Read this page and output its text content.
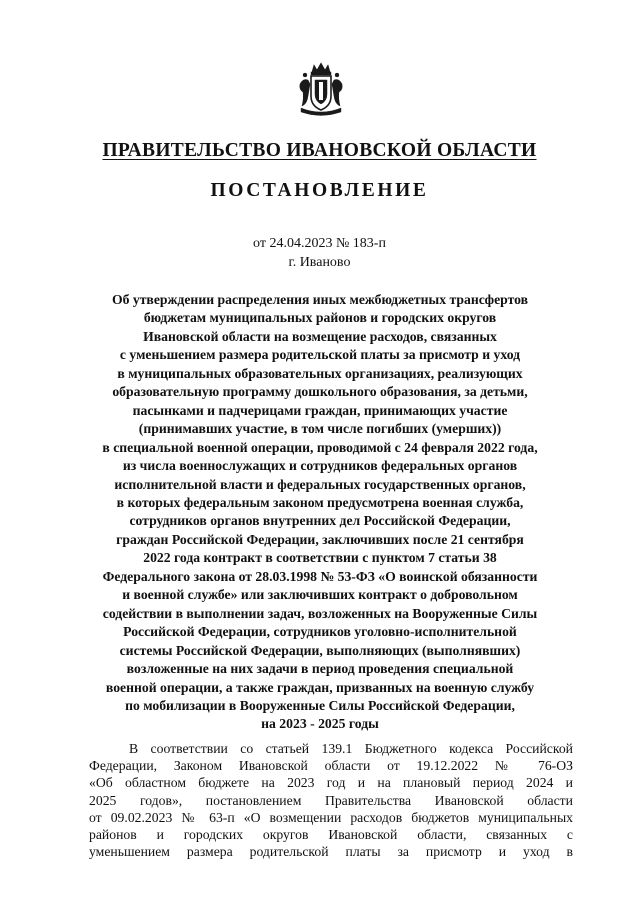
ПРАВИТЕЛЬСТВО ИВАНОВСКОЙ ОБЛАСТИ
ПОСТАНОВЛЕНИЕ
от 24.04.2023 № 183-п
г. Иваново
Об утверждении распределения иных межбюджетных трансфертов
бюджетам муниципальных районов и городских округов
Ивановской области на возмещение расходов, связанных
с уменьшением размера родительской платы за присмотр и уход
в муниципальных образовательных организациях, реализующих
образовательную программу дошкольного образования, за детьми,
пасынками и падчерицами граждан, принимающих участие
(принимавших участие, в том числе погибших (умерших))
в специальной военной операции, проводимой с 24 февраля 2022 года,
из числа военнослужащих и сотрудников федеральных органов
исполнительной власти и федеральных государственных органов,
в которых федеральным законом предусмотрена военная служба,
сотрудников органов внутренних дел Российской Федерации,
граждан Российской Федерации, заключивших после 21 сентября
2022 года контракт в соответствии с пунктом 7 статьи 38
Федерального закона от 28.03.1998 № 53-ФЗ «О воинской обязанности
и военной службе» или заключивших контракт о добровольном
содействии в выполнении задач, возложенных на Вооруженные Силы
Российской Федерации, сотрудников уголовно-исполнительной
системы Российской Федерации, выполняющих (выполнявших)
возложенные на них задачи в период проведения специальной
военной операции, а также граждан, призванных на военную службу
по мобилизации в Вооруженные Силы Российской Федерации,
на 2023 - 2025 годы
В соответствии со статьей 139.1 Бюджетного кодекса Российской
Федерации, Законом Ивановской области от 19.12.2022 № 76-ОЗ
«Об областном бюджете на 2023 год и на плановый период 2024 и
2025 годов», постановлением Правительства Ивановской области
от 09.02.2023 № 63-п «О возмещении расходов бюджетов муниципальных
районов и городских округов Ивановской области, связанных с
уменьшением размера родительской платы за присмотр и уход в
